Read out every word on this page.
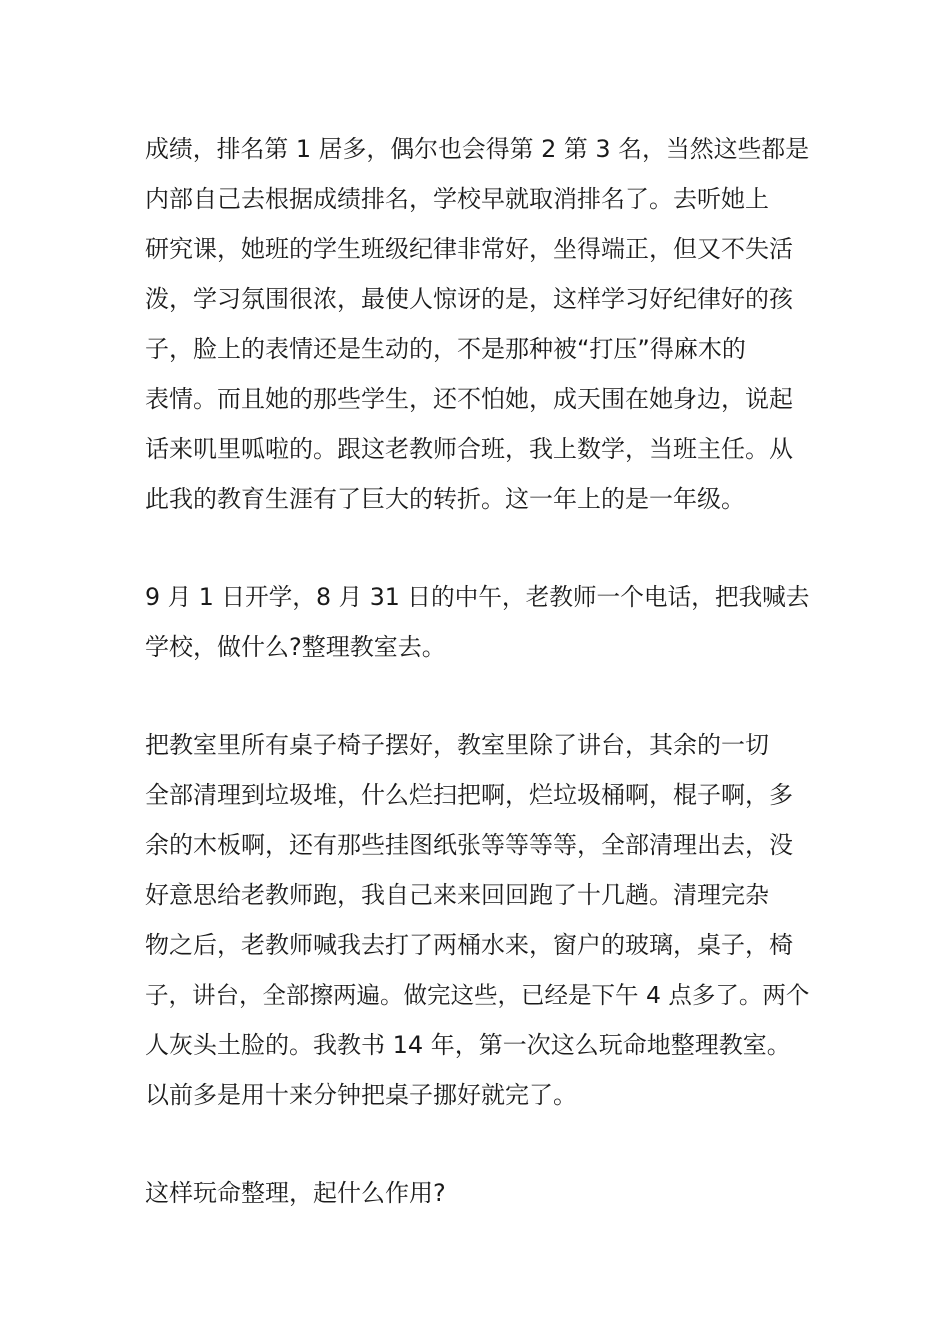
成绩，排名第 1 居多，偶尔也会得第 2 第 3 名，当然这些都是
内部自己去根据成绩排名，学校早就取消排名了。去听她上
研究课，她班的学生班级纪律非常好，坐得端正，但又不失活
泼，学习氛围很浓，最使人惊讶的是，这样学习好纪律好的孩
子，脸上的表情还是生动的，不是那种被“打压”得麻木的
表情。而且她的那些学生，还不怕她，成天围在她身边，说起
话来叽里呱啦的。跟这老教师合班，我上数学，当班主任。从
此我的教育生涯有了巨大的转折。这一年上的是一年级。
9 月 1 日开学，8 月 31 日的中午，老教师一个电话，把我喊去
学校，做什么?整理教室去。
把教室里所有桌子椅子摆好，教室里除了讲台，其余的一切
全部清理到垃圾堆，什么烂扫把啊，烂垃圾桶啊，棍子啊，多
余的木板啊，还有那些挂图纸张等等等等，全部清理出去，没
好意思给老教师跑，我自己来来回回跑了十几趟。清理完杂
物之后，老教师喊我去打了两桶水来，窗户的玻璃，桌子，椅
子，讲台，全部擦两遍。做完这些，已经是下午 4 点多了。两个
人灰头土脸的。我教书 14 年，第一次这么玩命地整理教室。
以前多是用十来分钟把桌子挪好就完了。
这样玩命整理，起什么作用?
